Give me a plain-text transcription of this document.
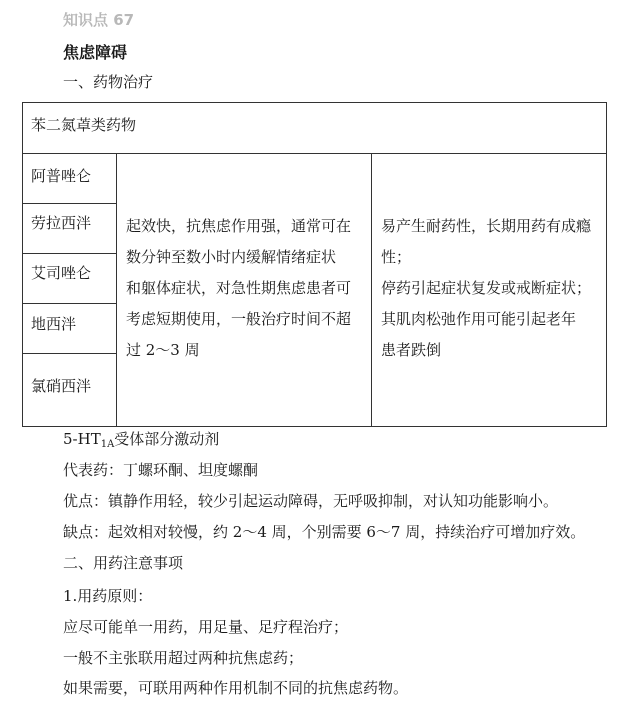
知识点 67
焦虑障碍
一、药物治疗
苯二氮䓬类药物
阿普唑仑
劳拉西泮
艾司唑仑
地西泮
氯硝西泮
起效快，抗焦虑作用强，通常可在
数分钟至数小时内缓解情绪症状
和躯体症状，对急性期焦虑患者可
考虑短期使用，一般治疗时间不超
过 2～3 周
易产生耐药性，长期用药有成瘾
性；
停药引起症状复发或戒断症状；
其肌肉松弛作用可能引起老年
患者跌倒
$5-HT_{1A}$受体部分激动剂
代表药：丁螺环酮、坦度螺酮
优点：镇静作用轻，较少引起运动障碍，无呼吸抑制，对认知功能影响小。
缺点：起效相对较慢，约 2～4 周，个别需要 6～7 周，持续治疗可增加疗效。
二、用药注意事项
1.用药原则：
应尽可能单一用药，用足量、足疗程治疗；
一般不主张联用超过两种抗焦虑药；
如果需要，可联用两种作用机制不同的抗焦虑药物。
